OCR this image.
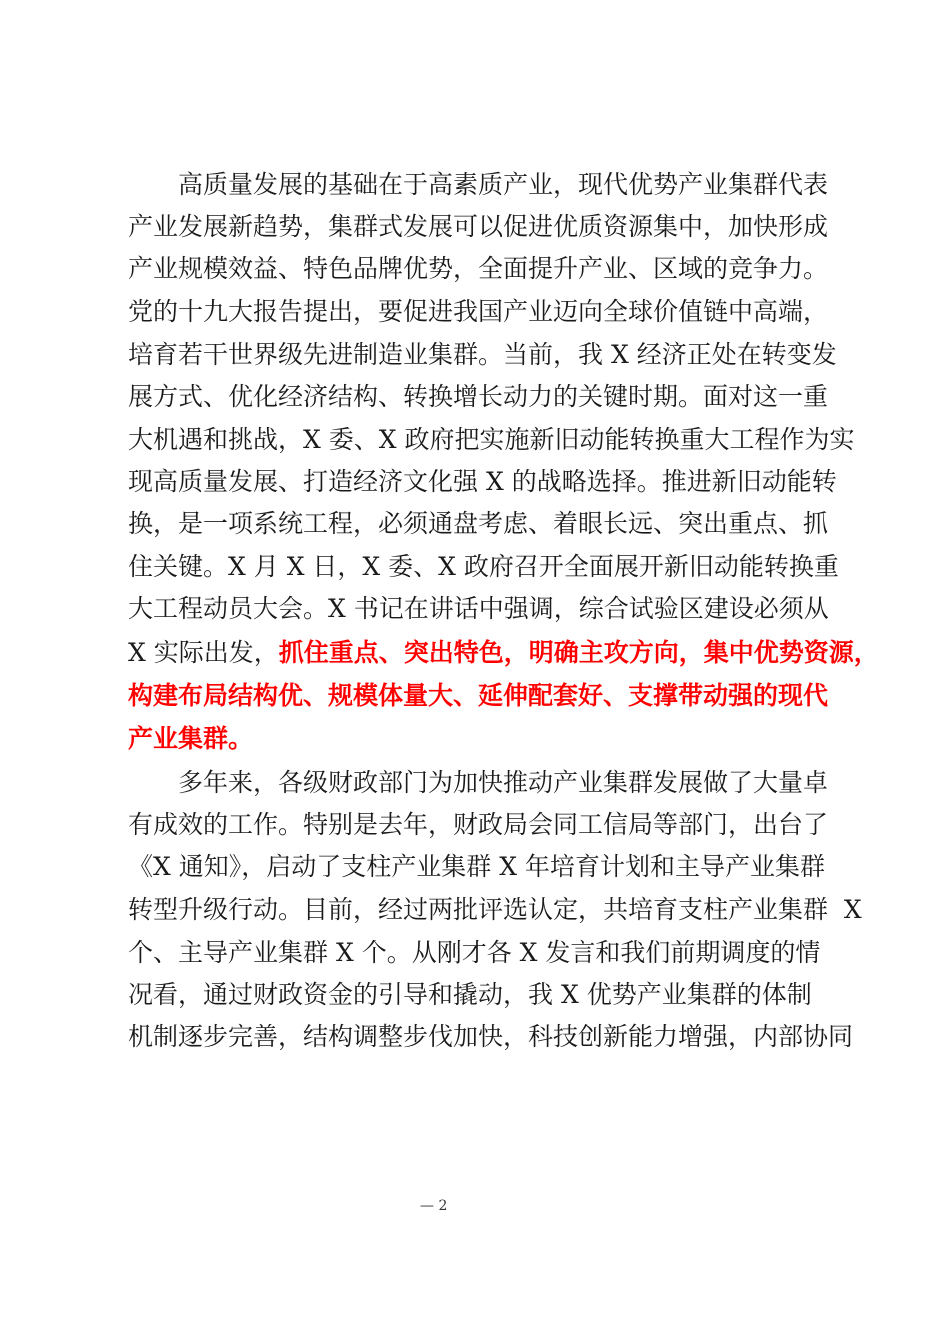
高质量发展的基础在于高素质产业，现代优势产业集群代表
产业发展新趋势，集群式发展可以促进优质资源集中，加快形成
产业规模效益、特色品牌优势，全面提升产业、区域的竞争力。
党的十九大报告提出，要促进我国产业迈向全球价值链中高端，
培育若干世界级先进制造业集群。当前，我 X 经济正处在转变发
展方式、优化经济结构、转换增长动力的关键时期。面对这一重
大机遇和挑战，X 委、X 政府把实施新旧动能转换重大工程作为实
现高质量发展、打造经济文化强 X 的战略选择。推进新旧动能转
换，是一项系统工程，必须通盘考虑、着眼长远、突出重点、抓
住关键。X 月 X 日，X 委、X 政府召开全面展开新旧动能转换重
大工程动员大会。X 书记在讲话中强调，综合试验区建设必须从
X 实际出发，抓住重点、突出特色，明确主攻方向，集中优势资源，
构建布局结构优、规模体量大、延伸配套好、支撑带动强的现代
产业集群。
多年来，各级财政部门为加快推动产业集群发展做了大量卓
有成效的工作。特别是去年，财政局会同工信局等部门，出台了
《X 通知》，启动了支柱产业集群 X 年培育计划和主导产业集群
转型升级行动。目前，经过两批评选认定，共培育支柱产业集群  X
个、主导产业集群 X 个。从刚才各 X 发言和我们前期调度的情
况看，通过财政资金的引导和撬动，我 X 优势产业集群的体制
机制逐步完善，结构调整步伐加快，科技创新能力增强，内部协同
— 2
